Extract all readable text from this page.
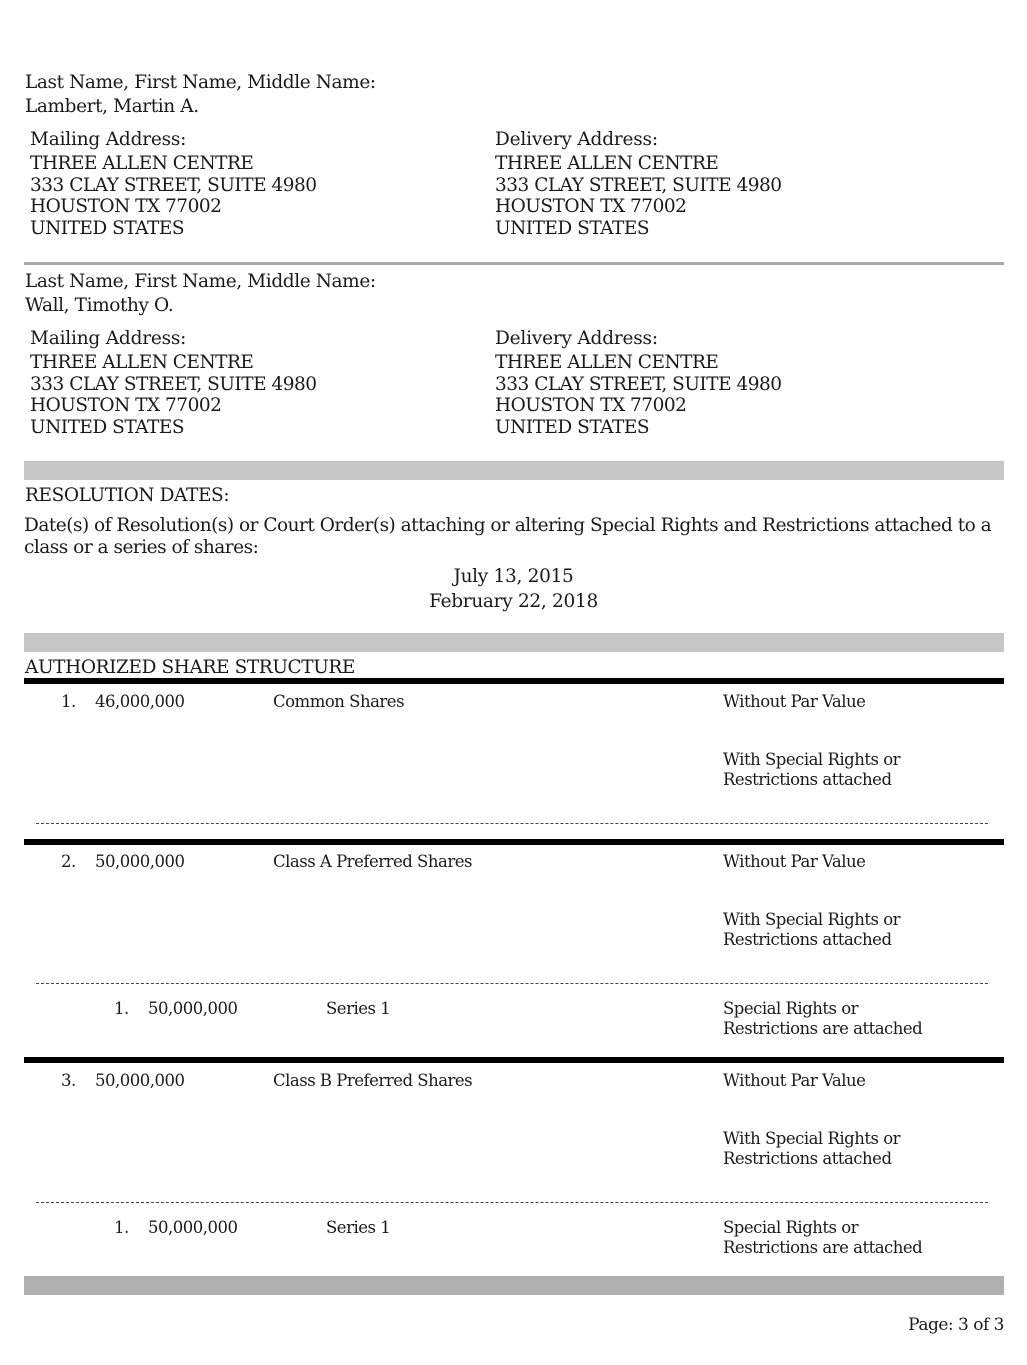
Last Name, First Name, Middle Name:
Lambert, Martin A.
Mailing Address:
THREE ALLEN CENTRE
333 CLAY STREET, SUITE 4980
HOUSTON TX 77002
UNITED STATES
Delivery Address:
THREE ALLEN CENTRE
333 CLAY STREET, SUITE 4980
HOUSTON TX 77002
UNITED STATES
Last Name, First Name, Middle Name:
Wall, Timothy O.
Mailing Address:
THREE ALLEN CENTRE
333 CLAY STREET, SUITE 4980
HOUSTON TX 77002
UNITED STATES
Delivery Address:
THREE ALLEN CENTRE
333 CLAY STREET, SUITE 4980
HOUSTON TX 77002
UNITED STATES
RESOLUTION DATES:
Date(s) of Resolution(s) or Court Order(s) attaching or altering Special Rights and Restrictions attached to a class or a series of shares:
July 13, 2015
February 22, 2018
AUTHORIZED SHARE STRUCTURE
1. 46,000,000	Common Shares	Without Par Value
With Special Rights or
Restrictions attached
2. 50,000,000	Class A Preferred Shares	Without Par Value
With Special Rights or
Restrictions attached
1. 50,000,000	Series 1	Special Rights or
Restrictions are attached
3. 50,000,000	Class B Preferred Shares	Without Par Value
With Special Rights or
Restrictions attached
1. 50,000,000	Series 1	Special Rights or
Restrictions are attached
Page: 3 of 3
